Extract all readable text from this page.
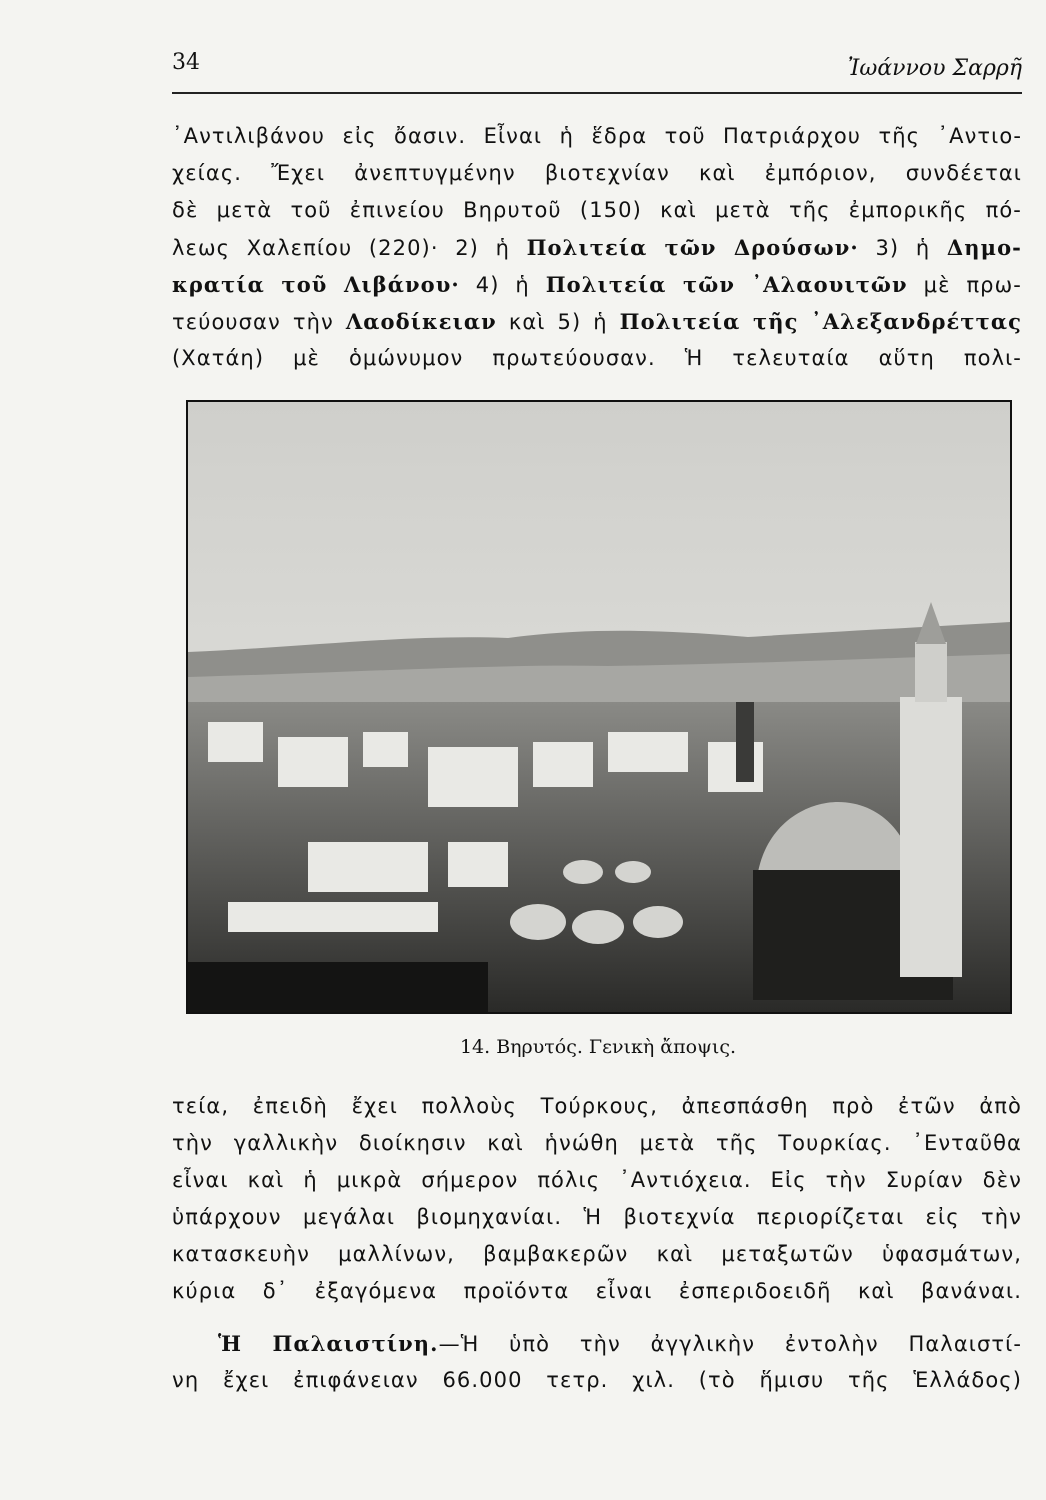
34	Ἰωάννου Σαρρῆ
᾿Αντιλιβάνου εἰς ὄασιν. Εἶναι ἡ ἕδρα τοῦ Πατριάρχου τῆς ᾿Αντιο-
χείας. Ἔχει ἀνεπτυγμένην βιοτεχνίαν καὶ ἐμπόριον, συνδέεται
δὲ μετὰ τοῦ ἐπινείου Βηρυτοῦ (150) καὶ μετὰ τῆς ἐμπορικῆς πό-
λεως Χαλεπίου (220)· 2) ἡ Πολιτεία τῶν Δρούσων· 3) ἡ Δημο-
κρατία τοῦ Λιβάνου· 4) ἡ Πολιτεία τῶν ᾿Αλαουιτῶν μὲ πρω-
τεύουσαν τὴν Λαοδίκειαν καὶ 5) ἡ Πολιτεία τῆς ᾿Αλεξανδρέττας
(Χατάη) μὲ ὁμώνυμον πρωτεύουσαν. Ἡ τελευταία αὕτη πολι-
14. Βηρυτός. Γενικὴ ἄποψις.
τεία, ἐπειδὴ ἔχει πολλοὺς Τούρκους, ἀπεσπάσθη πρὸ ἐτῶν ἀπὸ
τὴν γαλλικὴν διοίκησιν καὶ ἡνώθη μετὰ τῆς Τουρκίας. ᾿Ενταῦθα
εἶναι καὶ ἡ μικρὰ σήμερον πόλις ᾿Αντιόχεια. Εἰς τὴν Συρίαν δὲν
ὑπάρχουν μεγάλαι βιομηχανίαι. Ἡ βιοτεχνία περιορίζεται εἰς τὴν
κατασκευὴν μαλλίνων, βαμβακερῶν καὶ μεταξωτῶν ὑφασμάτων,
κύρια δ᾿ ἐξαγόμενα προϊόντα εἶναι ἐσπεριδοειδῆ καὶ βανάναι.
Ἡ Παλαιστίνη.—Ἡ ὑπὸ τὴν ἀγγλικὴν ἐντολὴν Παλαιστί-
νη ἔχει ἐπιφάνειαν 66.000 τετρ. χιλ. (τὸ ἥμισυ τῆς Ἑλλάδος)
